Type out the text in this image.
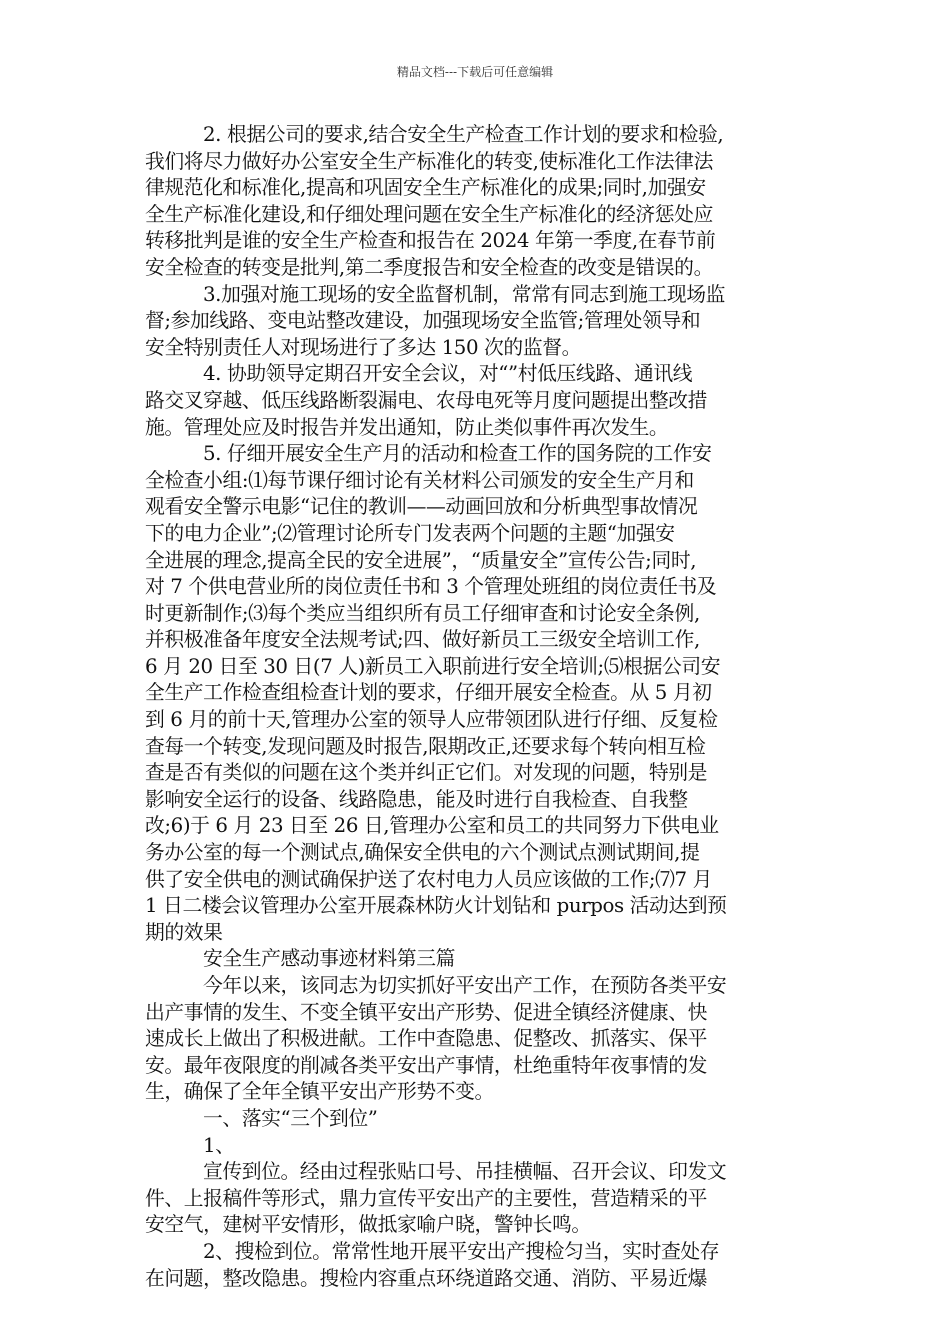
精品文档---下载后可任意编辑
2. 根据公司的要求,结合安全生产检查工作计划的要求和检验,
我们将尽力做好办公室安全生产标准化的转变,使标准化工作法律法
律规范化和标准化,提高和巩固安全生产标准化的成果;同时,加强安
全生产标准化建设,和仔细处理问题在安全生产标准化的经济惩处应
转移批判是谁的安全生产检查和报告在 2024 年第一季度,在春节前
安全检查的转变是批判,第二季度报告和安全检查的改变是错误的。
3.加强对施工现场的安全监督机制，常常有同志到施工现场监
督;参加线路、变电站整改建设，加强现场安全监管;管理处领导和
安全特别责任人对现场进行了多达 150 次的监督。
4. 协助领导定期召开安全会议，对“”村低压线路、通讯线
路交叉穿越、低压线路断裂漏电、农母电死等月度问题提出整改措
施。管理处应及时报告并发出通知，防止类似事件再次发生。
5. 仔细开展安全生产月的活动和检查工作的国务院的工作安
全检查小组:⑴每节课仔细讨论有关材料公司颁发的安全生产月和
观看安全警示电影“记住的教训——动画回放和分析典型事故情况
下的电力企业”;⑵管理讨论所专门发表两个问题的主题“加强安
全进展的理念,提高全民的安全进展”，“质量安全”宣传公告;同时,
对 7 个供电营业所的岗位责任书和 3 个管理处班组的岗位责任书及
时更新制作;⑶每个类应当组织所有员工仔细审查和讨论安全条例,
并积极准备年度安全法规考试;四、做好新员工三级安全培训工作,
6 月 20 日至 30 日(7 人)新员工入职前进行安全培训;⑸根据公司安
全生产工作检查组检查计划的要求，仔细开展安全检查。从 5 月初
到 6 月的前十天,管理办公室的领导人应带领团队进行仔细、反复检
查每一个转变,发现问题及时报告,限期改正,还要求每个转向相互检
查是否有类似的问题在这个类并纠正它们。对发现的问题，特别是
影响安全运行的设备、线路隐患，能及时进行自我检查、自我整
改;6)于 6 月 23 日至 26 日,管理办公室和员工的共同努力下供电业
务办公室的每一个测试点,确保安全供电的六个测试点测试期间,提
供了安全供电的测试确保护送了农村电力人员应该做的工作;⑺7 月
1 日二楼会议管理办公室开展森林防火计划钻和 purpos 活动达到预
期的效果
安全生产感动事迹材料第三篇
今年以来，该同志为切实抓好平安出产工作，在预防各类平安
出产事情的发生、不变全镇平安出产形势、促进全镇经济健康、快
速成长上做出了积极进献。工作中查隐患、促整改、抓落实、保平
安。最年夜限度的削减各类平安出产事情，杜绝重特年夜事情的发
生，确保了全年全镇平安出产形势不变。
一、落实“三个到位”
1、
宣传到位。经由过程张贴口号、吊挂横幅、召开会议、印发文
件、上报稿件等形式，鼎力宣传平安出产的主要性，营造精采的平
安空气，建树平安情形，做抵家喻户晓，警钟长鸣。
2、搜检到位。常常性地开展平安出产搜检匀当，实时查处存
在问题，整改隐患。搜检内容重点环绕道路交通、消防、平易近爆
